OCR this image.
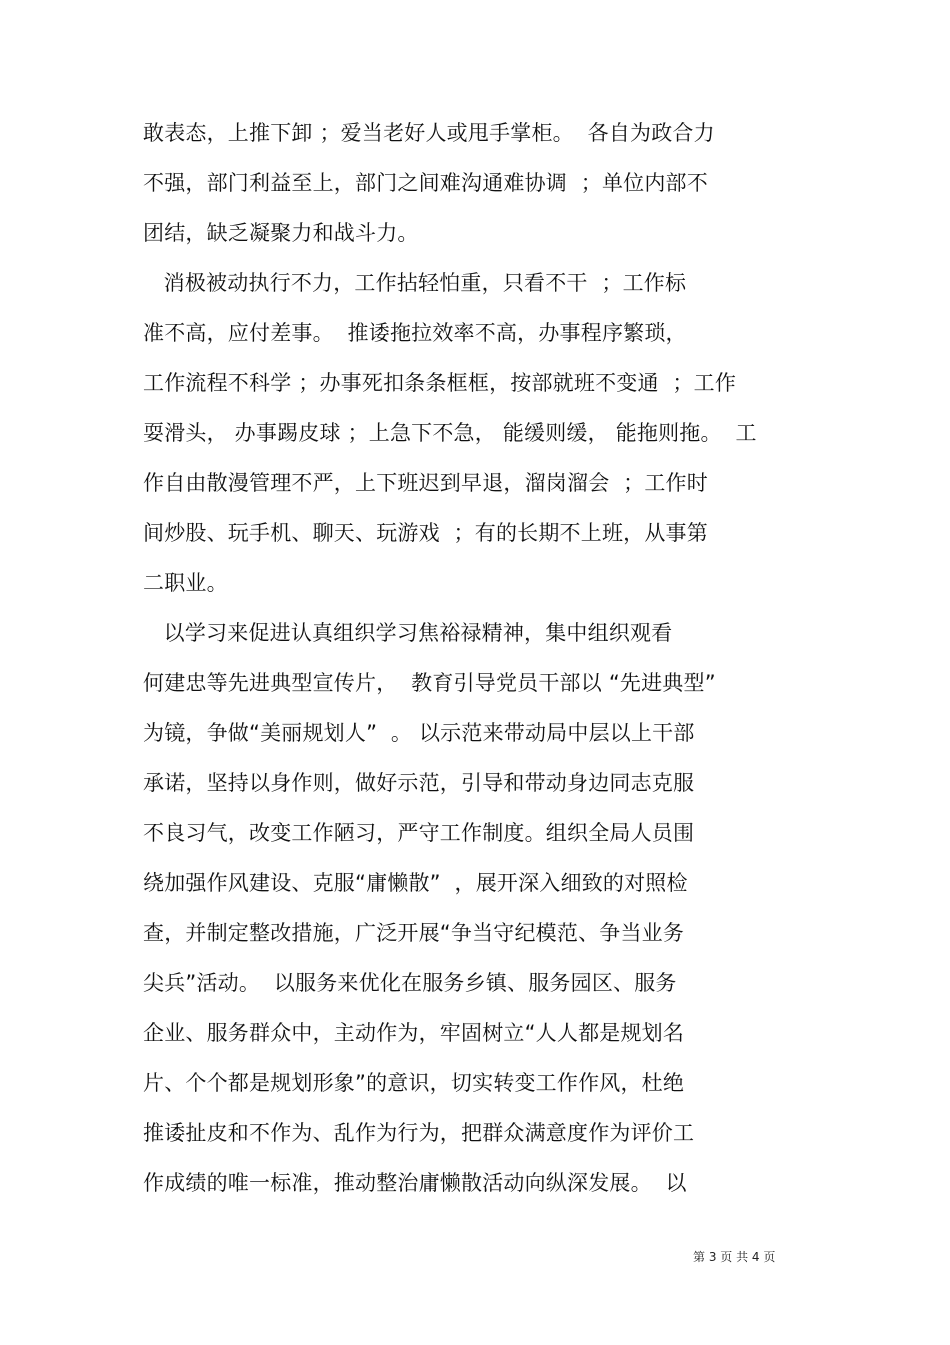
敢表态，上推下卸 ；爱当老好人或甩手掌柜。  各自为政合力
不强，部门利益至上，部门之间难沟通难协调  ；单位内部不
团结，缺乏凝聚力和战斗力。
消极被动执行不力，工作拈轻怕重，只看不干  ；工作标
准不高，应付差事。  推诿拖拉效率不高，办事程序繁琐，
工作流程不科学 ；办事死扣条条框框，按部就班不变通  ；工作
耍滑头， 办事踢皮球 ；上急下不急， 能缓则缓， 能拖则拖。  工
作自由散漫管理不严，上下班迟到早退，溜岗溜会  ；工作时
间炒股、玩手机、聊天、玩游戏  ；有的长期不上班，从事第
二职业。
以学习来促进认真组织学习焦裕禄精神，集中组织观看
何建忠等先进典型宣传片，  教育引导党员干部以 “先进典型”
为镜，争做“美丽规划人”  。 以示范来带动局中层以上干部
承诺，坚持以身作则，做好示范，引导和带动身边同志克服
不良习气，改变工作陋习，严守工作制度。组织全局人员围
绕加强作风建设、克服“庸懒散”  ，展开深入细致的对照检
查，并制定整改措施，广泛开展“争当守纪模范、争当业务
尖兵”活动。  以服务来优化在服务乡镇、服务园区、服务
企业、服务群众中，主动作为，牢固树立“人人都是规划名
片、个个都是规划形象”的意识，切实转变工作作风，杜绝
推诿扯皮和不作为、乱作为行为，把群众满意度作为评价工
作成绩的唯一标准，推动整治庸懒散活动向纵深发展。  以
第 3 页 共 4 页
